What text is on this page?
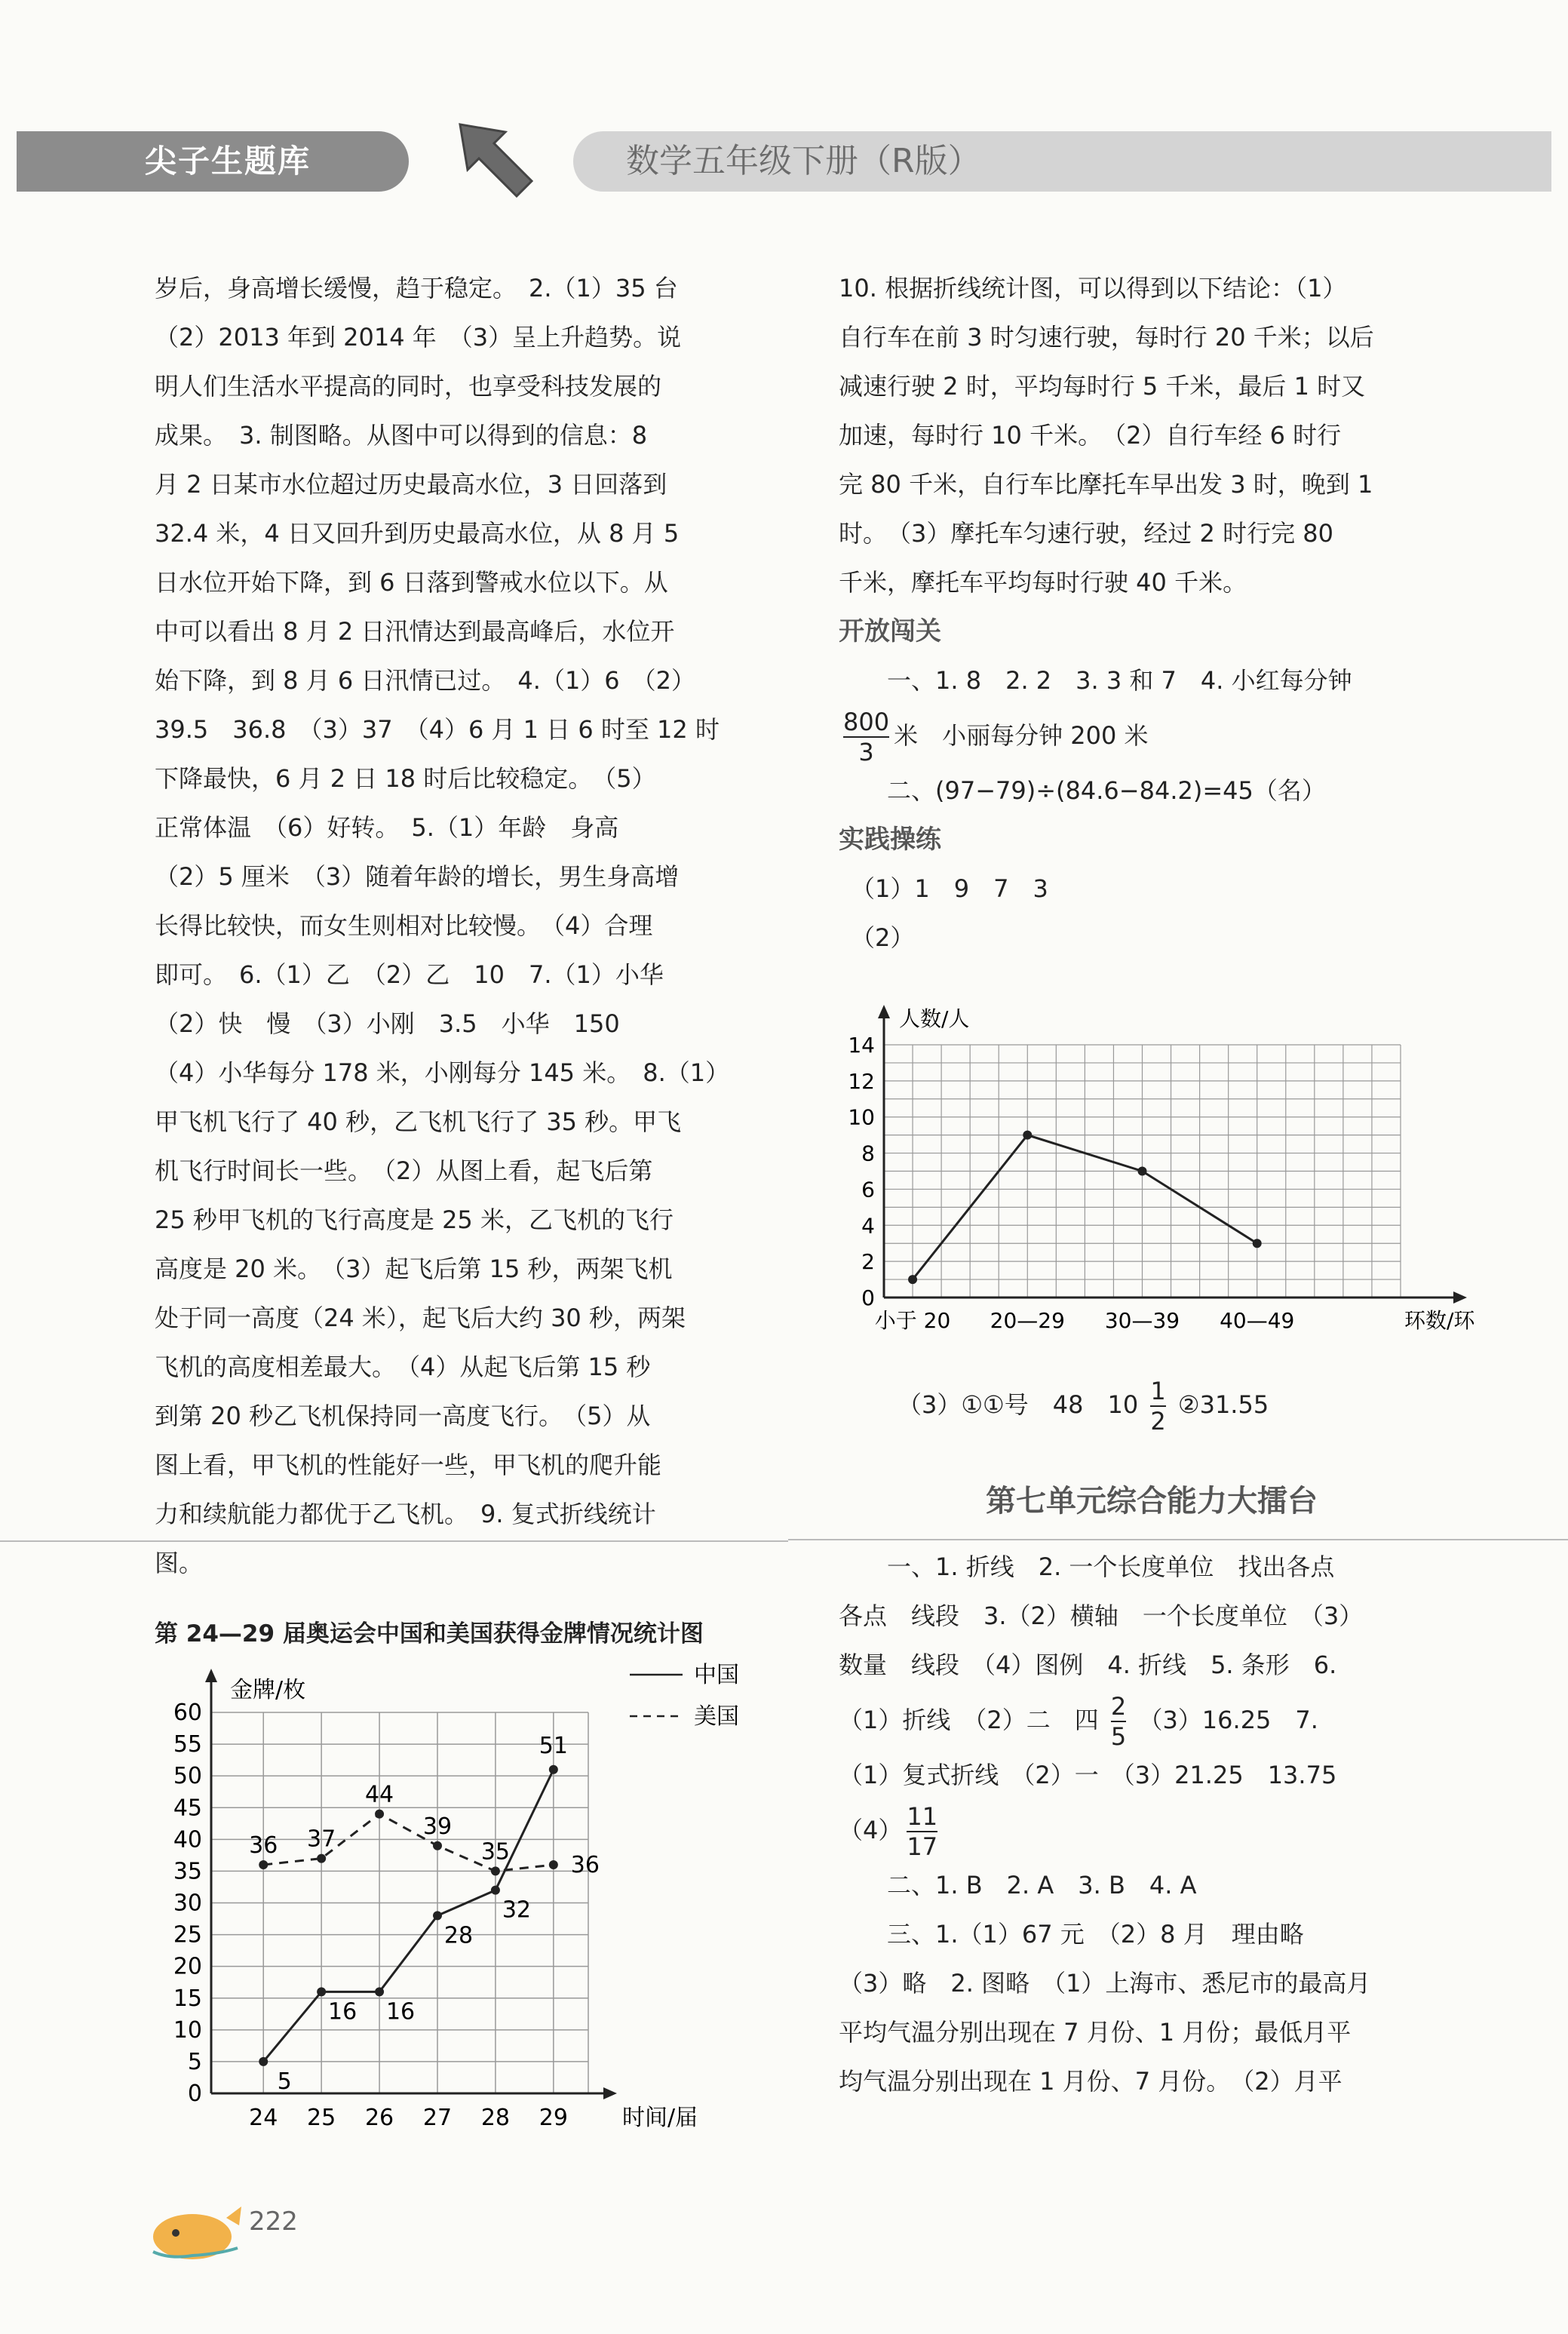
尖子生题库	数学五年级下册（R版）

岁后，身高增长缓慢，趋于稳定。　2.（1）35 台

（2）2013 年到 2014 年　（3）呈上升趋势。说

明人们生活水平提高的同时，也享受科技发展的

成果。　3. 制图略。从图中可以得到的信息：8

月 2 日某市水位超过历史最高水位，3 日回落到

32.4 米，4 日又回升到历史最高水位，从 8 月 5

日水位开始下降，到 6 日落到警戒水位以下。从

中可以看出 8 月 2 日汛情达到最高峰后，水位开

始下降，到 8 月 6 日汛情已过。　4.（1）6　（2）

39.5　36.8　（3）37　（4）6 月 1 日 6 时至 12 时

下降最快，6 月 2 日 18 时后比较稳定。　（5）

正常体温　（6）好转。　5.（1）年龄　身高

（2）5 厘米　（3）随着年龄的增长，男生身高增

长得比较快，而女生则相对比较慢。　（4）合理

即可。　6.（1）乙　（2）乙　10　7.（1）小华

（2）快　慢　（3）小刚　3.5　小华　150

（4）小华每分 178 米，小刚每分 145 米。　8.（1）

甲飞机飞行了 40 秒，乙飞机飞行了 35 秒。甲飞

机飞行时间长一些。　（2）从图上看，起飞后第

25 秒甲飞机的飞行高度是 25 米，乙飞机的飞行

高度是 20 米。　（3）起飞后第 15 秒，两架飞机

处于同一高度（24 米），起飞后大约 30 秒，两架

飞机的高度相差最大。　（4）从起飞后第 15 秒

到第 20 秒乙飞机保持同一高度飞行。　（5）从

图上看，甲飞机的性能好一些，甲飞机的爬升能

力和续航能力都优于乙飞机。　9. 复式折线统计

图。

10. 根据折线统计图，可以得到以下结论：（1）

自行车在前 3 时匀速行驶，每时行 20 千米；以后

减速行驶 2 时，平均每时行 5 千米，最后 1 时又

加速，每时行 10 千米。　（2）自行车经 6 时行

完 80 千米，自行车比摩托车早出发 3 时，晚到 1

时。　（3）摩托车匀速行驶，经过 2 时行完 80

千米，摩托车平均每时行驶 40 千米。

开放闯关

　　一、1. 8　2. 2　3. 3 和 7　4. 小红每分钟

$\frac{800}{3}$ 米　小丽每分钟 200 米

　　二、(97−79)÷(84.6−84.2)=45（名）

实践操练

　（1）1　9　7　3

　（2）

0
2
4
6
8
10
12
14
小于 20 20—29 30—39 40—49
人数/人
环数/环

（3）①①号　48　$10 \frac{1}{2}$ ②31.55

第七单元综合能力大擂台

　　一、1. 折线　2. 一个长度单位　找出各点

各点　线段　3.（2）横轴　一个长度单位　（3）

数量　线段　（4）图例　4. 折线　5. 条形　6.

（1）折线　（2）二　四 $\frac{2}{5} (3)16.25$　7.

（1）复式折线　（2）一　（3）21.25　13.75

$(4) \frac{11}{17}$

　　二、1. B　2. A　3. B　4. A

　　三、1.（1）67 元　（2）8 月　理由略

（3）略　2. 图略　（1）上海市、悉尼市的最高月

平均气温分别出现在 7 月份、1 月份；最低月平

均气温分别出现在 1 月份、7 月份。　（2）月平

第 24—29 届奥运会中国和美国获得金牌情况统计图
0
5
10
15
20
25
30
35
40
45
50
55
60
24 25 26 27 28 29
金牌/枚
时间/届
中国
美国
5
16 16
28
32
51
36 37
44
39
35
36
222
